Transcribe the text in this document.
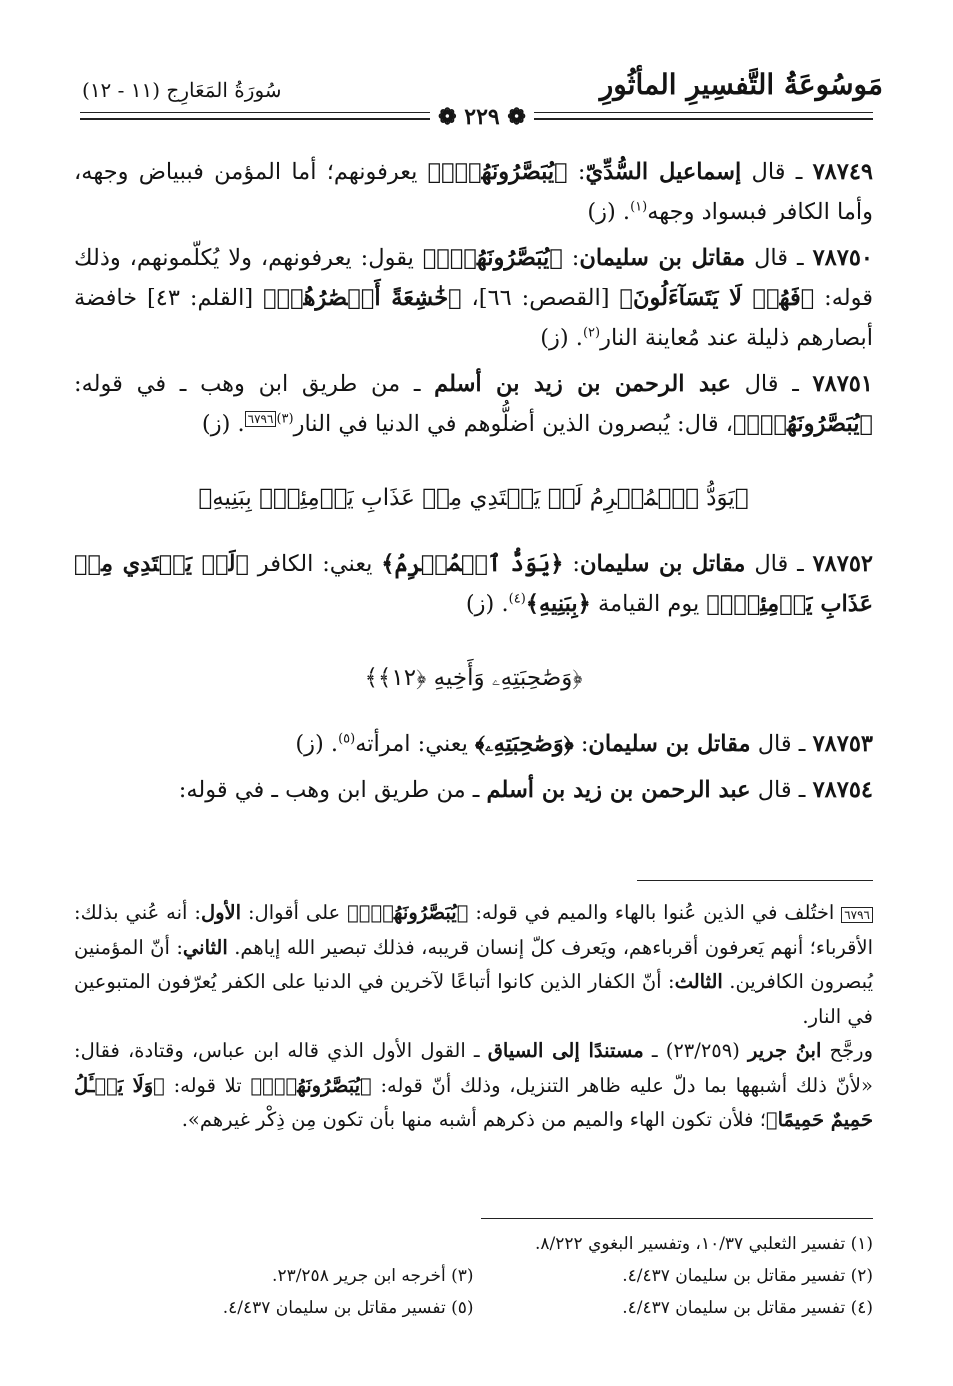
مَوسُوعَةُ التَّفسِيرِ المأثُورِ
سُورَةُ المَعَارِج (١١ - ١٢)
❁ ٢٢٩ ❁

٧٨٧٤٩ ـ قال إسماعيل السُّدِّيّ: ﴿يُبَصَّرُونَهُمۡۚ﴾ يعرفونهم؛ أما المؤمن فببياض وجهه، وأما الكافر فبسواد وجهه$^{(١)}$. (ز)

٧٨٧٥٠ ـ قال مقاتل بن سليمان: ﴿يُبَصَّرُونَهُمۡۚ﴾ يقول: يعرفونهم، ولا يُكلّمونهم، وذلك قوله: ﴿فَهُمۡ لَا يَتَسَآءَلُونَ﴾ [القصص: ٦٦]، ﴿خَٰشِعَةً أَبۡصَٰرُهُمۡ﴾ [القلم: ٤٣] خافضة أبصارهم ذليلة عند مُعاينة النار$^{(٢)}$. (ز)

٧٨٧٥١ ـ قال عبد الرحمن بن زيد بن أسلم ـ من طريق ابن وهب ـ في قوله: ﴿يُبَصَّرُونَهُمۡۚ﴾، قال: يُبصرون الذين أضلُّوهم في الدنيا في النار$^{(٣)٦٧٩٦}$. (ز)

﴿يَوَدُّ ٱلۡمُجۡرِمُ لَوۡ يَفۡتَدِي مِنۡ عَذَابِ يَوۡمِئِذِۭ بِبَنِيهِ﴾

٧٨٧٥٢ ـ قال مقاتل بن سليمان: ﴿يَوَدُّ ٱلۡمُجۡرِمُ﴾ يعني: الكافر ﴿لَوۡ يَفۡتَدِي مِنۡ عَذَابِ يَوۡمِئِذِۭ﴾ يوم القيامة ﴿بِبَنِيهِ﴾$^{(٤)}$. (ز)

﴿وَصَٰحِبَتِهِۦ وَأَخِيهِ ﴿١٢﴾﴾

٧٨٧٥٣ ـ قال مقاتل بن سليمان: ﴿وَصَٰحِبَتِهِۦ﴾ يعني: امرأته$^{(٥)}$. (ز)

٧٨٧٥٤ ـ قال عبد الرحمن بن زيد بن أسلم ـ من طريق ابن وهب ـ في قوله:

٦٧٩٦ اختُلف في الذين عُنوا بالهاء والميم في قوله: ﴿يُبَصَّرُونَهُمۡۚ﴾ على أقوال: الأول: أنه عُني بذلك: الأقرباء؛ أنهم يَعرفون أقرباءهم، ويَعرف كلّ إنسان قريبه، فذلك تبصير الله إياهم. الثاني: أنّ المؤمنين يُبصرون الكافرين. الثالث: أنّ الكفار الذين كانوا أتباعًا لآخرين في الدنيا على الكفر يُعرّفون المتبوعين في النار.

ورجَّح ابنُ جرير (٢٣/٢٥٩) ـ مستندًا إلى السياق ـ القول الأول الذي قاله ابن عباس، وقتادة، فقال: «لأنّ ذلك أشبهها بما دلّ عليه ظاهر التنزيل، وذلك أنّ قوله: ﴿يُبَصَّرُونَهُمۡۚ﴾ تلا قوله: ﴿وَلَا يَسۡـَٔلُ حَمِيمٌ حَمِيمًا﴾؛ فلأن تكون الهاء والميم من ذكرهم أشبه منها بأن تكون مِن ذِكْر غيرهم».

(١) تفسير الثعلبي ١٠/٣٧، وتفسير البغوي ٨/٢٢٢.
(٢) تفسير مقاتل بن سليمان ٤/٤٣٧.
(٣) أخرجه ابن جرير ٢٣/٢٥٨.
(٤) تفسير مقاتل بن سليمان ٤/٤٣٧.
(٥) تفسير مقاتل بن سليمان ٤/٤٣٧.
